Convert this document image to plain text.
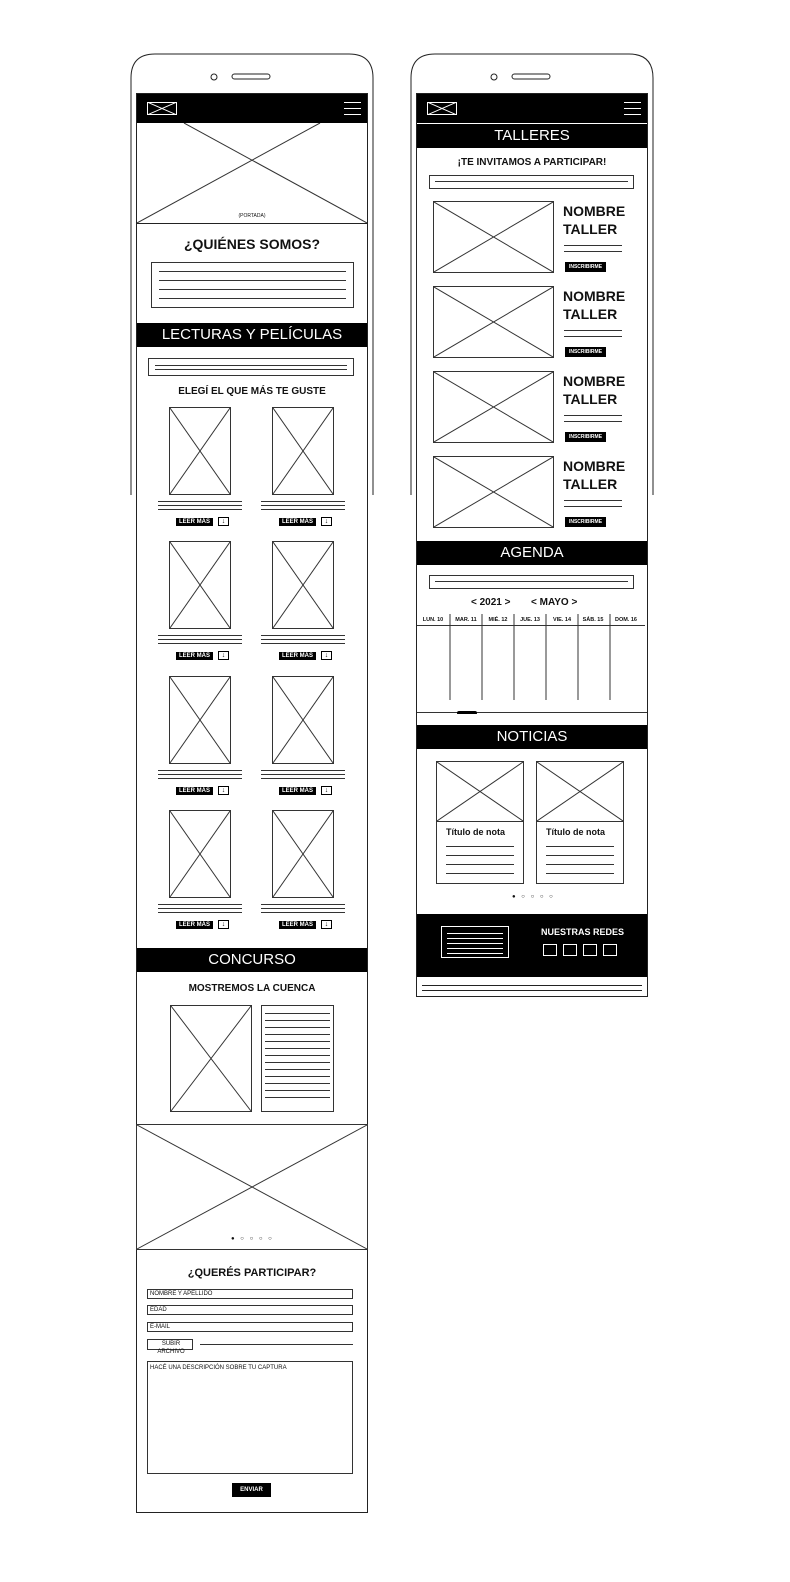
(PORTADA)
¿QUIÉNES SOMOS?
LECTURAS Y PELÍCULAS
ELEGÍ EL QUE MÁS TE GUSTE
LEER MÁS	↓	LEER MÁS	↓
LEER MÁS	↓	LEER MÁS	↓
LEER MÁS	↓	LEER MÁS	↓
LEER MÁS	↓	LEER MÁS	↓
CONCURSO
MOSTREMOS LA CUENCA
● ○ ○ ○ ○
¿QUERÉS PARTICIPAR?
NOMBRE Y APELLIDO
EDAD
E-MAIL
SUBIR ARCHIVO
HACÉ UNA DESCRIPCIÓN SOBRE TU CAPTURA
ENVIAR
TALLERES
¡TE INVITAMOS A PARTICIPAR!
NOMBRE
TALLER
INSCRIBIRME
NOMBRE
TALLER
INSCRIBIRME
NOMBRE
TALLER
INSCRIBIRME
NOMBRE
TALLER
INSCRIBIRME
AGENDA
< 2021 > < MAYO >
LUN. 10	MAR. 11	MIÉ. 12	JUE. 13	VIE. 14	SÁB. 15	DOM. 16
NOTICIAS
Título de nota	Título de nota
● ○ ○ ○ ○
NUESTRAS REDES
